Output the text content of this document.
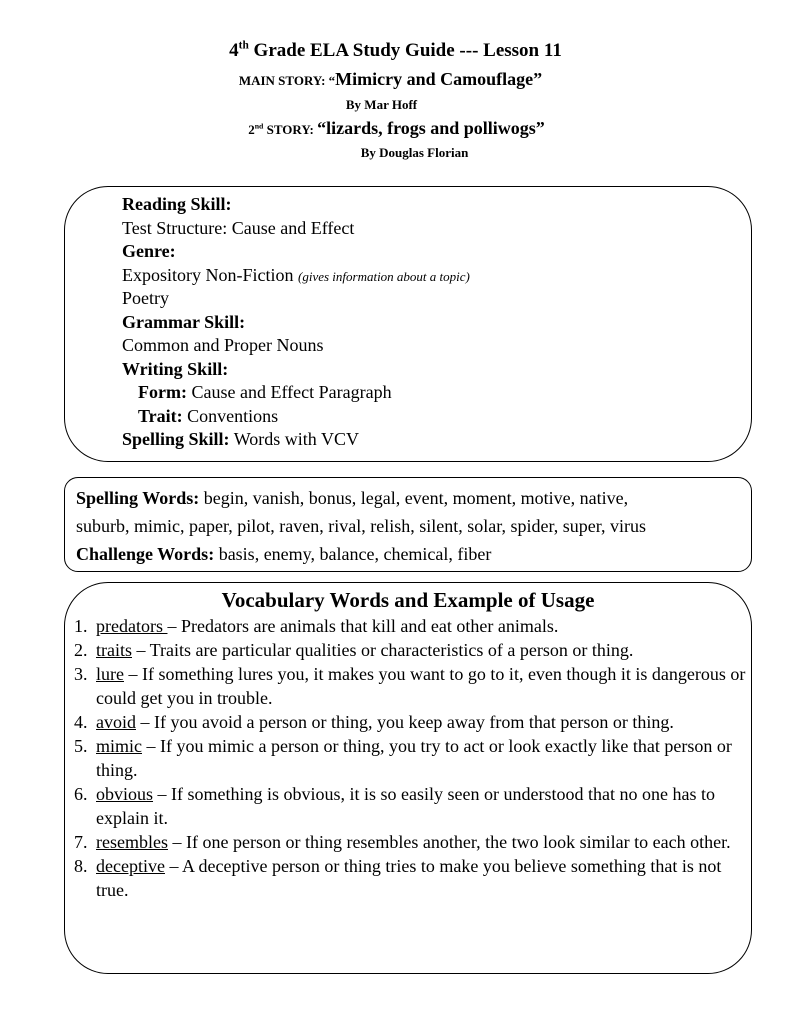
4th Grade ELA Study Guide --- Lesson 11
MAIN STORY: “Mimicry and Camouflage”
By Mar Hoff
2nd STORY: “lizards, frogs and polliwogs”
By Douglas Florian
Reading Skill:
Test Structure: Cause and Effect
Genre:
Expository Non-Fiction (gives information about a topic)
Poetry
Grammar Skill:
Common and Proper Nouns
Writing Skill:
Form: Cause and Effect Paragraph
Trait: Conventions
Spelling Skill: Words with VCV
Spelling Words: begin, vanish, bonus, legal, event, moment, motive, native,
suburb, mimic, paper, pilot, raven, rival, relish, silent, solar, spider, super, virus
Challenge Words: basis, enemy, balance, chemical, fiber
Vocabulary Words and Example of Usage
1. predators – Predators are animals that kill and eat other animals.
2. traits – Traits are particular qualities or characteristics of a person or thing.
3. lure – If something lures you, it makes you want to go to it, even though it is dangerous or could get you in trouble.
4. avoid – If you avoid a person or thing, you keep away from that person or thing.
5. mimic – If you mimic a person or thing, you try to act or look exactly like that person or thing.
6. obvious – If something is obvious, it is so easily seen or understood that no one has to explain it.
7. resembles – If one person or thing resembles another, the two look similar to each other.
8. deceptive – A deceptive person or thing tries to make you believe something that is not true.
